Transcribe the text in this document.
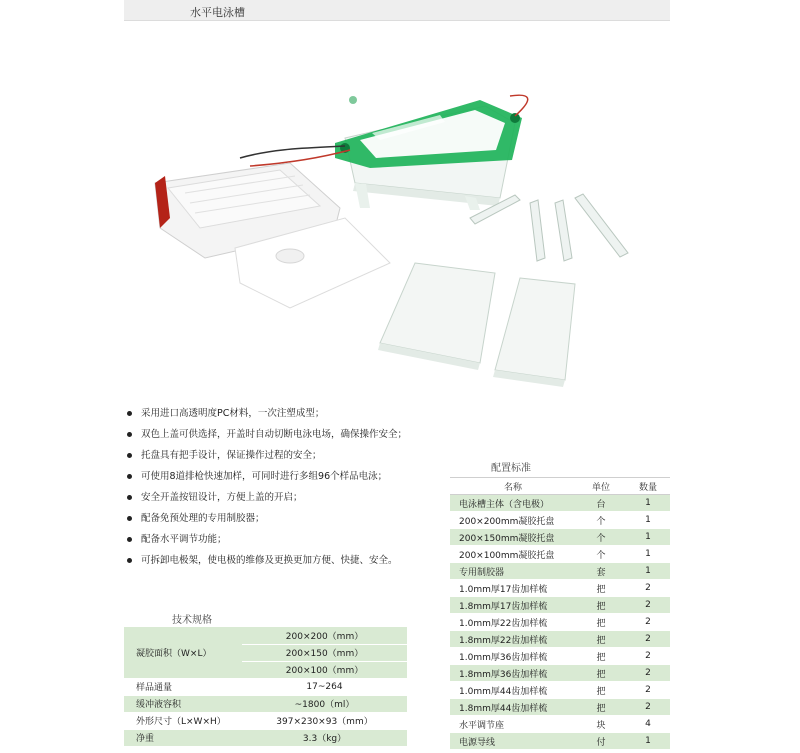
水平电泳槽
采用进口高透明度PC材料，一次注塑成型；
双色上盖可供选择，开盖时自动切断电泳电场，确保操作安全；
托盘具有把手设计，保证操作过程的安全；
可使用8道排枪快速加样，可同时进行多组96个样品电泳；
安全开盖按钮设计，方便上盖的开启；
配备免预处理的专用制胶器；
配备水平调节功能；
可拆卸电极架，使电极的维修及更换更加方便、快捷、安全。
配置标准
名称	单位	数量
电泳槽主体（含电极）	台	1
200×200mm凝胶托盘	个	1
200×150mm凝胶托盘	个	1
200×100mm凝胶托盘	个	1
专用制胶器	套	1
1.0mm厚17齿加样梳	把	2
1.8mm厚17齿加样梳	把	2
1.0mm厚22齿加样梳	把	2
1.8mm厚22齿加样梳	把	2
1.0mm厚36齿加样梳	把	2
1.8mm厚36齿加样梳	把	2
1.0mm厚44齿加样梳	把	2
1.8mm厚44齿加样梳	把	2
水平调节座	块	4
电源导线	付	1
技术规格
凝胶面积（W×L）	200×200（mm）
	200×150（mm）
	200×100（mm）
样品通量	17~264
缓冲液容积	~1800（ml）
外形尺寸（L×W×H）	397×230×93（mm）
净重	3.3（kg）
